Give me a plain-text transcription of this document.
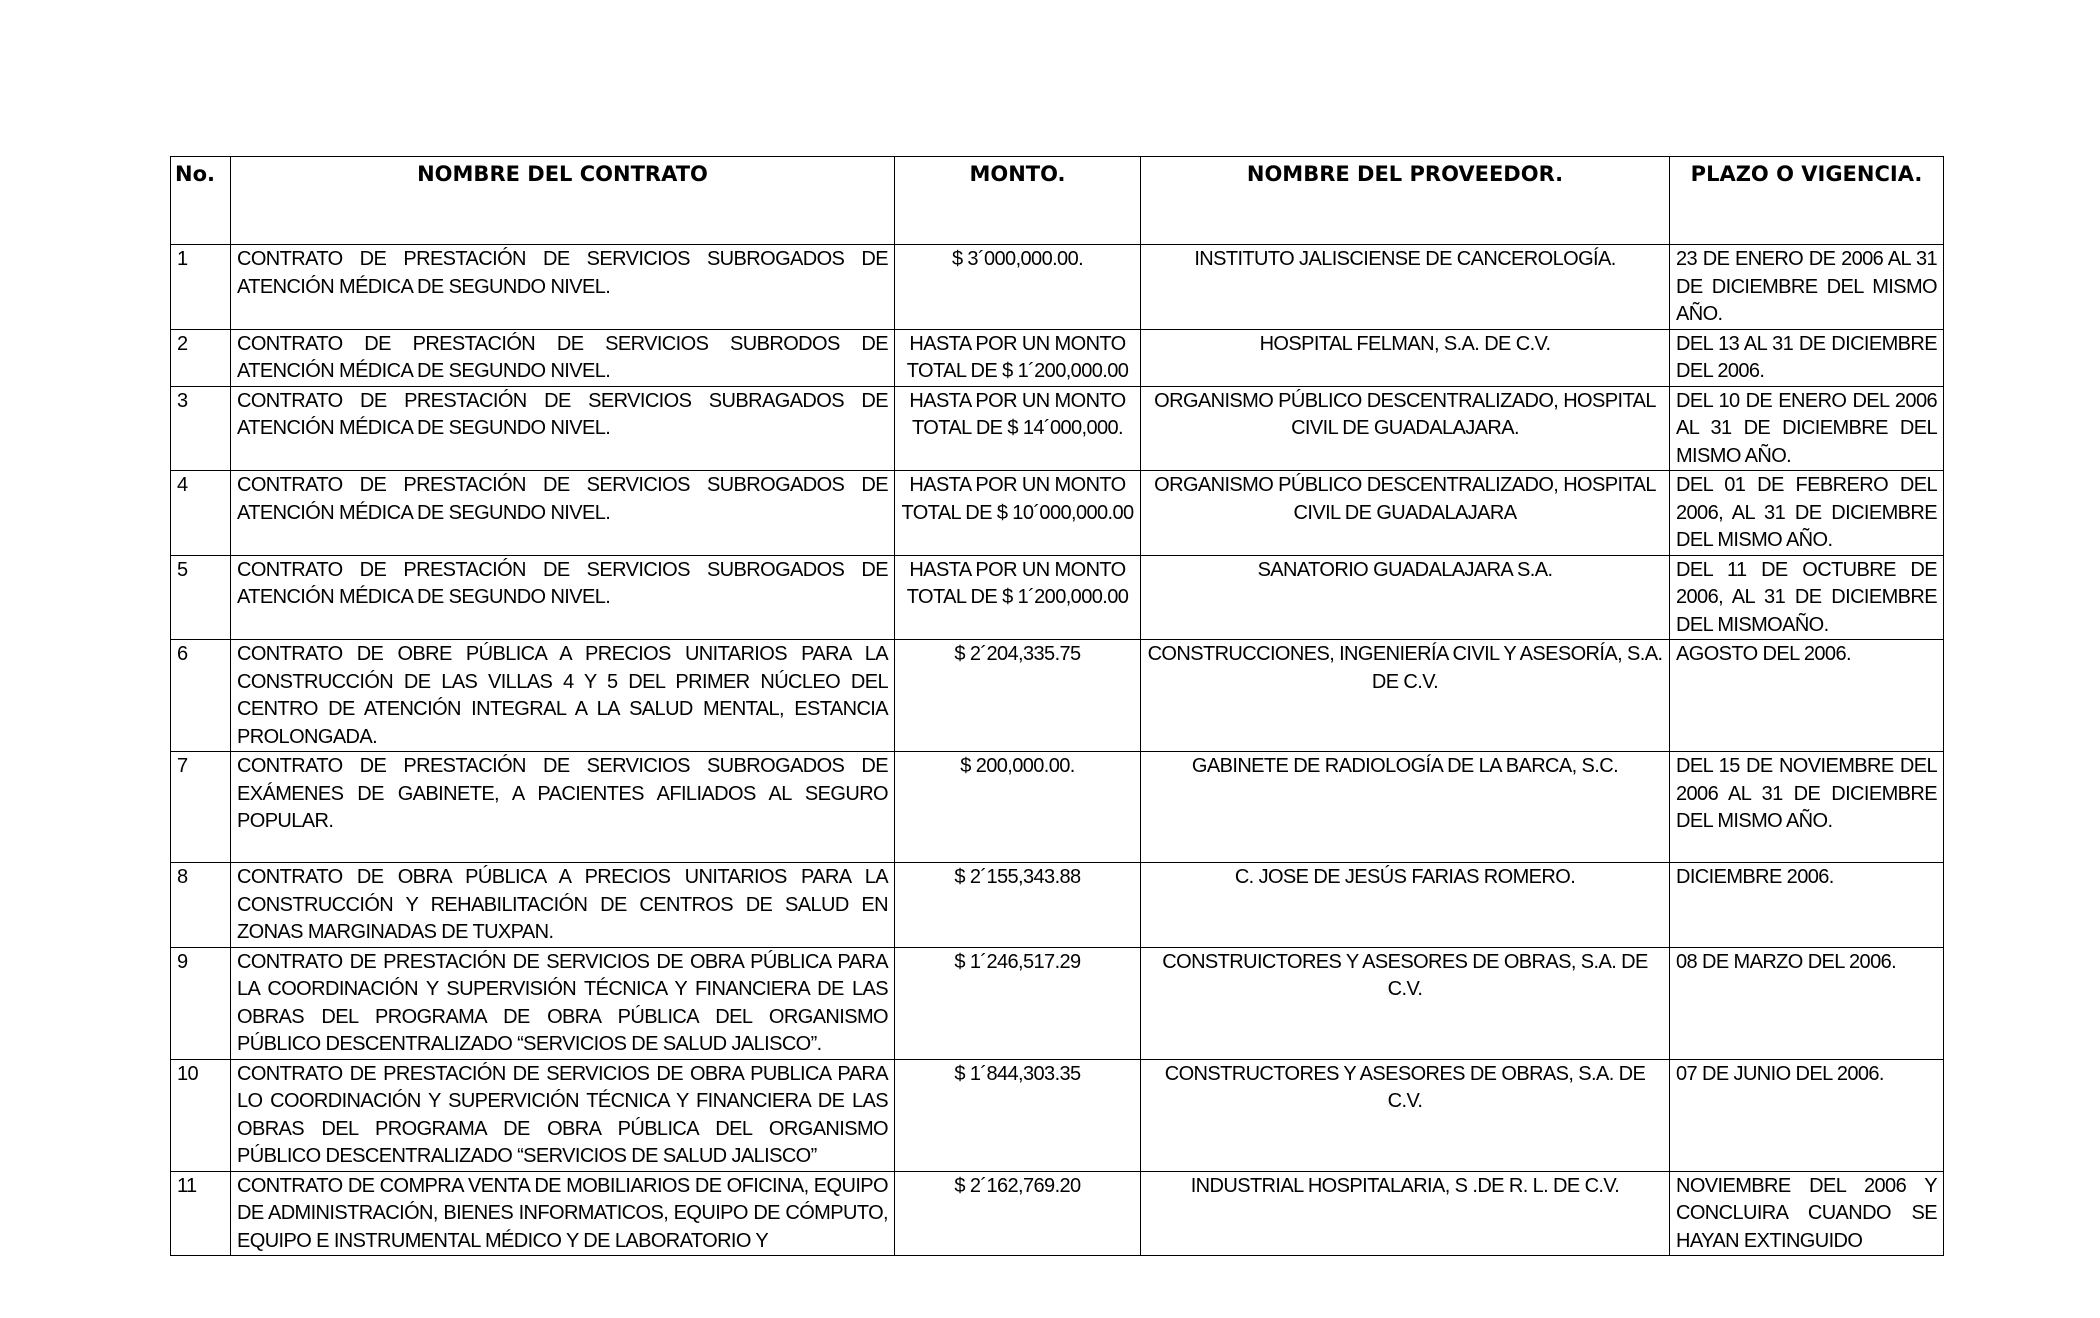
No.	NOMBRE DEL CONTRATO	MONTO.	NOMBRE DEL PROVEEDOR.	PLAZO O VIGENCIA.
1	CONTRATO DE PRESTACIÓN DE SERVICIOS SUBROGADOS DE ATENCIÓN MÉDICA DE SEGUNDO NIVEL.	$ 3´000,000.00.	INSTITUTO JALISCIENSE DE CANCEROLOGÍA.	23 DE ENERO DE 2006 AL 31 DE DICIEMBRE DEL MISMO AÑO.
2	CONTRATO DE PRESTACIÓN DE SERVICIOS SUBRODOS DE ATENCIÓN MÉDICA DE SEGUNDO NIVEL.	HASTA POR UN MONTO TOTAL DE $ 1´200,000.00	HOSPITAL FELMAN, S.A. DE C.V.	DEL 13 AL 31 DE DICIEMBRE DEL 2006.
3	CONTRATO DE PRESTACIÓN DE SERVICIOS SUBRAGADOS DE ATENCIÓN MÉDICA DE SEGUNDO NIVEL.	HASTA POR UN MONTO TOTAL DE $ 14´000,000.	ORGANISMO PÚBLICO DESCENTRALIZADO, HOSPITAL CIVIL DE GUADALAJARA.	DEL 10 DE ENERO DEL 2006 AL 31 DE DICIEMBRE DEL MISMO AÑO.
4	CONTRATO DE PRESTACIÓN DE SERVICIOS SUBROGADOS DE ATENCIÓN MÉDICA DE SEGUNDO NIVEL.	HASTA POR UN MONTO TOTAL DE $ 10´000,000.00	ORGANISMO PÚBLICO DESCENTRALIZADO, HOSPITAL CIVIL DE GUADALAJARA	DEL 01 DE FEBRERO DEL 2006, AL 31 DE DICIEMBRE DEL MISMO AÑO.
5	CONTRATO DE PRESTACIÓN DE SERVICIOS SUBROGADOS DE ATENCIÓN MÉDICA DE SEGUNDO NIVEL.	HASTA POR UN MONTO TOTAL DE $ 1´200,000.00	SANATORIO GUADALAJARA S.A.	DEL 11 DE OCTUBRE DE 2006, AL 31 DE DICIEMBRE DEL MISMOAÑO.
6	CONTRATO DE OBRE PÚBLICA A PRECIOS UNITARIOS PARA LA CONSTRUCCIÓN DE LAS VILLAS 4 Y 5 DEL PRIMER NÚCLEO DEL CENTRO DE ATENCIÓN INTEGRAL A LA SALUD MENTAL, ESTANCIA PROLONGADA.	$ 2´204,335.75	CONSTRUCCIONES, INGENIERÍA CIVIL Y ASESORÍA, S.A. DE C.V.	AGOSTO DEL 2006.
7	CONTRATO DE PRESTACIÓN DE SERVICIOS SUBROGADOS DE EXÁMENES DE GABINETE, A PACIENTES AFILIADOS AL SEGURO POPULAR.	$ 200,000.00.	GABINETE DE RADIOLOGÍA DE LA BARCA, S.C.	DEL 15 DE NOVIEMBRE DEL 2006 AL 31 DE DICIEMBRE DEL MISMO AÑO.
8	CONTRATO DE OBRA PÚBLICA A PRECIOS UNITARIOS PARA LA CONSTRUCCIÓN Y REHABILITACIÓN DE CENTROS DE SALUD EN ZONAS MARGINADAS DE TUXPAN.	$ 2´155,343.88	C. JOSE DE JESÚS FARIAS ROMERO.	DICIEMBRE 2006.
9	CONTRATO DE PRESTACIÓN DE SERVICIOS DE OBRA PÚBLICA PARA LA COORDINACIÓN Y SUPERVISIÓN TÉCNICA Y FINANCIERA DE LAS OBRAS DEL PROGRAMA DE OBRA PÚBLICA DEL ORGANISMO PÚBLICO DESCENTRALIZADO “SERVICIOS DE SALUD JALISCO”.	$ 1´246,517.29	CONSTRUICTORES Y ASESORES DE OBRAS, S.A. DE C.V.	08 DE MARZO DEL 2006.
10	CONTRATO DE PRESTACIÓN DE SERVICIOS DE OBRA PUBLICA PARA LO COORDINACIÓN Y SUPERVICIÓN TÉCNICA Y FINANCIERA DE LAS OBRAS DEL PROGRAMA DE OBRA PÚBLICA DEL ORGANISMO PÚBLICO DESCENTRALIZADO “SERVICIOS DE SALUD JALISCO”	$ 1´844,303.35	CONSTRUCTORES Y ASESORES DE OBRAS, S.A. DE C.V.	07 DE JUNIO DEL 2006.
11	CONTRATO DE COMPRA VENTA DE MOBILIARIOS DE OFICINA, EQUIPO DE ADMINISTRACIÓN, BIENES INFORMATICOS, EQUIPO DE CÓMPUTO, EQUIPO E INSTRUMENTAL MÉDICO Y DE LABORATORIO Y	$ 2´162,769.20	INDUSTRIAL HOSPITALARIA, S .DE R. L. DE C.V.	NOVIEMBRE DEL 2006 Y CONCLUIRA CUANDO SE HAYAN EXTINGUIDO
